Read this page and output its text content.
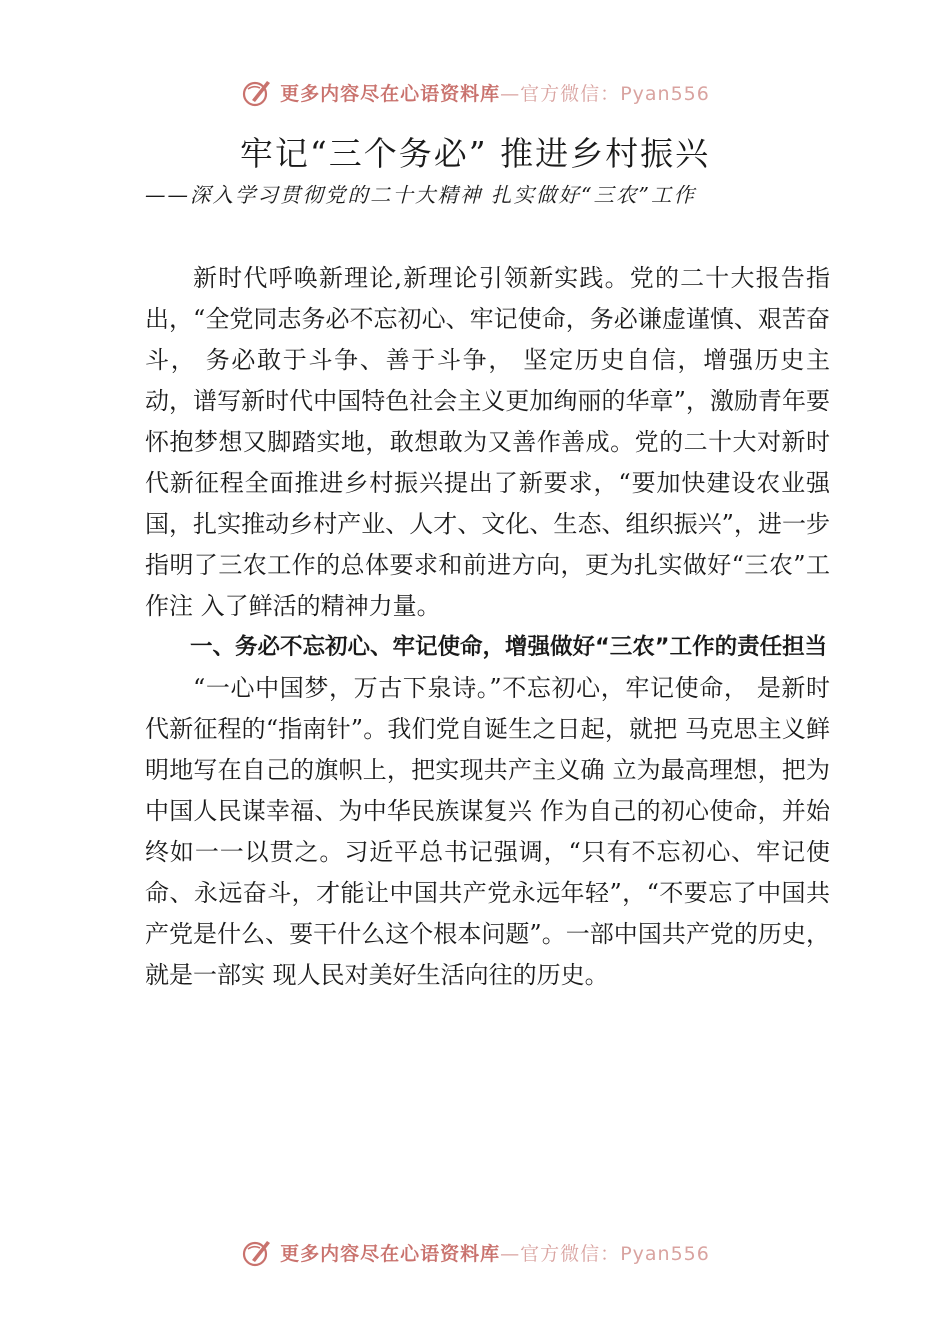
更多内容尽在心语资料库—官方微信：Pyan556
牢记“三个务必” 推进乡村振兴
——深入学习贯彻党的二十大精神 扎实做好“三农”工作

新时代呼唤新理论,新理论引领新实践。党的二十大报告指出，“全党同志务必不忘初心、牢记使命，务必谦虚谨慎、艰苦奋斗， 务必敢于斗争、善于斗争， 坚定历史自信，增强历史主动，谱写新时代中国特色社会主义更加绚丽的华章”，激励青年要怀抱梦想又脚踏实地，敢想敢为又善作善成。党的二十大对新时代新征程全面推进乡村振兴提出了新要求，“要加快建设农业强国，扎实推动乡村产业、人才、文化、生态、组织振兴”，进一步指明了三农工作的总体要求和前进方向，更为扎实做好“三农”工作注 入了鲜活的精神力量。

一、务必不忘初心、牢记使命，增强做好“三农”工作的责任担当

“一心中国梦，万古下泉诗。”不忘初心，牢记使命， 是新时代新征程的“指南针”。我们党自诞生之日起，就把 马克思主义鲜明地写在自己的旗帜上，把实现共产主义确 立为最高理想，把为中国人民谋幸福、为中华民族谋复兴 作为自己的初心使命，并始终如一一以贯之。习近平总书记强调，“只有不忘初心、牢记使命、永远奋斗，才能让中国共产党永远年轻”，“不要忘了中国共产党是什么、要干什么这个根本问题”。一部中国共产党的历史，就是一部实 现人民对美好生活向往的历史。

更多内容尽在心语资料库—官方微信：Pyan556
